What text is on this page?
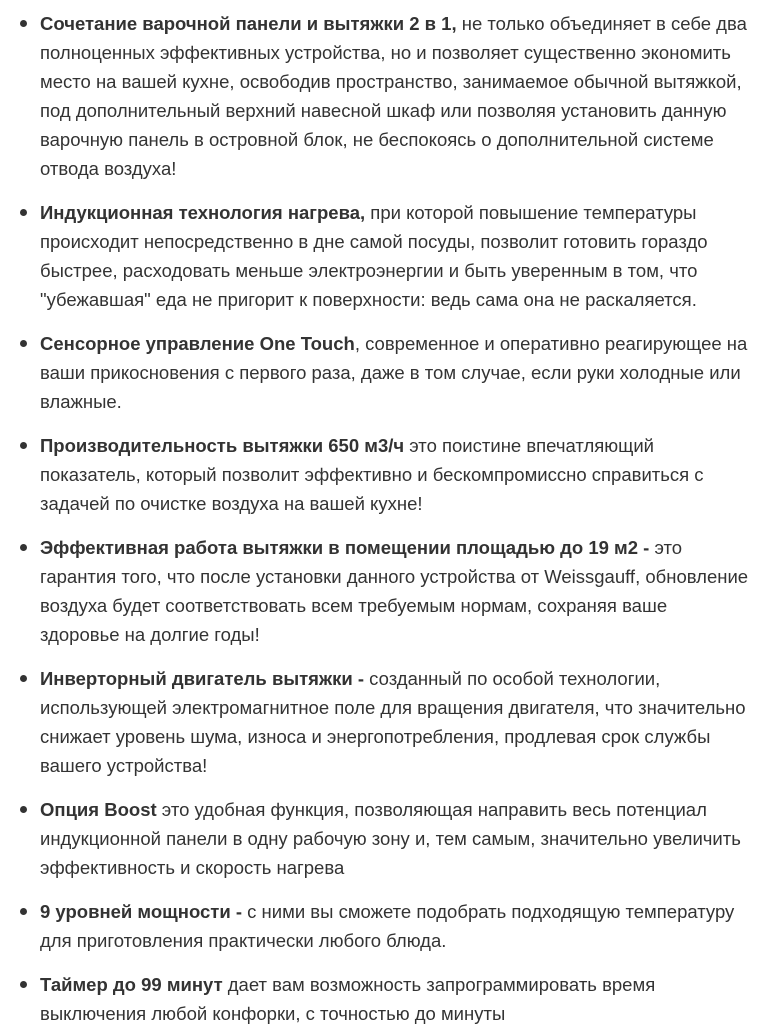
Сочетание варочной панели и вытяжки 2 в 1, не только объединяет в себе два полноценных эффективных устройства, но и позволяет существенно экономить место на вашей кухне, освободив пространство, занимаемое обычной вытяжкой, под дополнительный верхний навесной шкаф или позволяя установить данную варочную панель в островной блок, не беспокоясь о дополнительной системе отвода воздуха!
Индукционная технология нагрева, при которой повышение температуры происходит непосредственно в дне самой посуды, позволит готовить гораздо быстрее, расходовать меньше электроэнергии и быть уверенным в том, что "убежавшая" еда не пригорит к поверхности: ведь сама она не раскаляется.
Сенсорное управление One Touch, современное и оперативно реагирующее на ваши прикосновения с первого раза, даже в том случае, если руки холодные или влажные.
Производительность вытяжки 650 м3/ч это поистине впечатляющий показатель, который позволит эффективно и бескомпромиссно справиться с задачей по очистке воздуха на вашей кухне!
Эффективная работа вытяжки в помещении площадью до 19 м2 - это гарантия того, что после установки данного устройства от Weissgauff, обновление воздуха будет соответствовать всем требуемым нормам, сохраняя ваше здоровье на долгие годы!
Инверторный двигатель вытяжки - созданный по особой технологии, использующей электромагнитное поле для вращения двигателя, что значительно снижает уровень шума, износа и энергопотребления, продлевая срок службы вашего устройства!
Опция Boost это удобная функция, позволяющая направить весь потенциал индукционной панели в одну рабочую зону и, тем самым, значительно увеличить эффективность и скорость нагрева
9 уровней мощности - с ними вы сможете подобрать подходящую температуру для приготовления практически любого блюда.
Таймер до 99 минут дает вам возможность запрограммировать время выключения любой конфорки, с точностью до минуты
